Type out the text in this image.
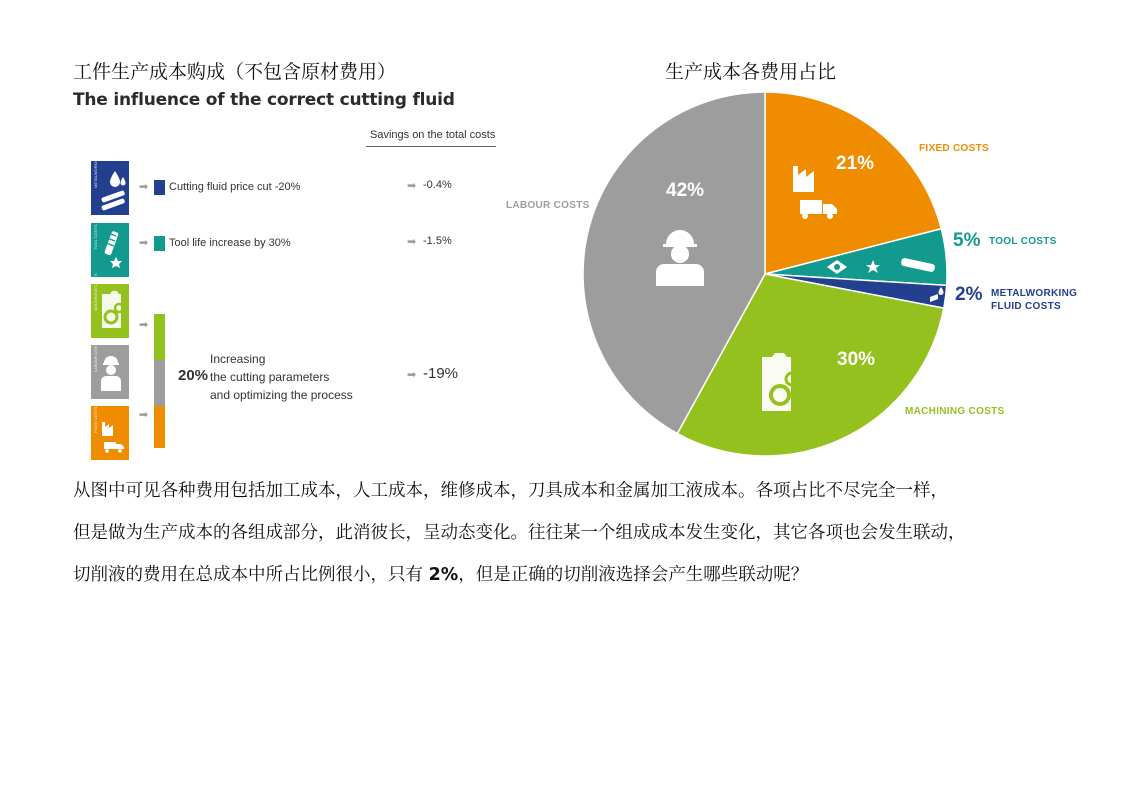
工件生产成本购成（不包含原材费用）	生产成本各费用占比
The influence of the correct cutting fluid
Savings on the total costs
METALWORKING FLUID COSTS	➡ Cutting fluid price cut -20%	➡ -0.4%
TOOL COSTS	➡ Tool life increase by 30%	➡ -1.5%
MACHINING COSTS
LABOUR COSTS
FIXED COSTS
➡
➡
20%
Increasing
the cutting parameters
and optimizing the process
➡ -19%
21%
42%
30%
5%
2%
FIXED COSTS
TOOL COSTS
METALWORKING
FLUID COSTS
MACHINING COSTS
LABOUR COSTS
从图中可见各种费用包括加工成本，人工成本，维修成本，刀具成本和金属加工液成本。各项占比不尽完全一样，
但是做为生产成本的各组成部分，此消彼长，呈动态变化。往往某一个组成成本发生变化，其它各项也会发生联动，
切削液的费用在总成本中所占比例很小，只有 2%，但是正确的切削液选择会产生哪些联动呢？
